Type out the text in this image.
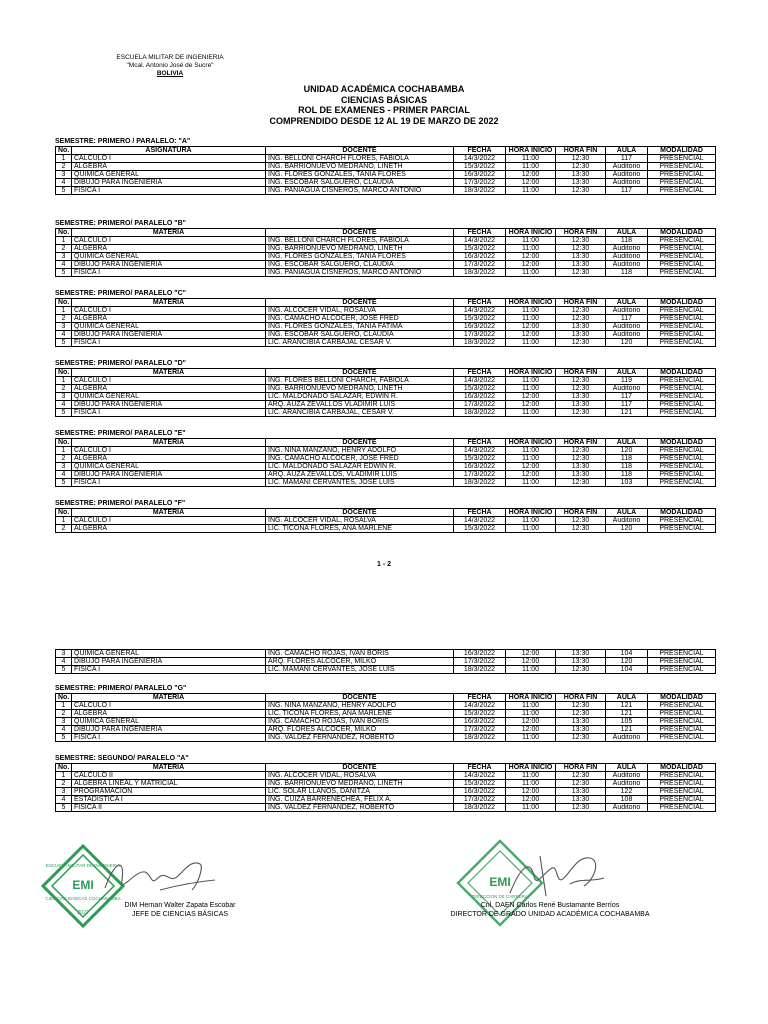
ESCUELA MILITAR DE INGENIERIA
"Mcal. Antonio José de Sucre"
BOLIVIA
UNIDAD ACADÉMICA COCHABAMBA
CIENCIAS BÁSICAS
ROL DE EXAMENES - PRIMER PARCIAL
COMPRENDIDO DESDE 12 AL 19 DE MARZO DE 2022
SEMESTRE: PRIMERO / PARALELO: "A"
No.	ASIGNATURA	DOCENTE	FECHA	HORA INICIO	HORA FIN	AULA	MODALIDAD
1	CALCULO I	ING. BELLONI CHARCH FLORES, FABIOLA	14/3/2022	11:00	12:30	117	PRESENCIAL
2	ALGEBRA	ING. BARRIONUEVO MEDRANO, LINETH	15/3/2022	11:00	12:30	Auditorio	PRESENCIAL
3	QUIMICA GENERAL	ING. FLORES GONZALES, TANIA FLORES	16/3/2022	12:00	13:30	Auditorio	PRESENCIAL
4	DIBUJO PARA INGENIERIA	ING. ESCOBAR SALGUERO, CLAUDIA	17/3/2022	12:00	13:30	Auditorio	PRESENCIAL
5	FISICA I	ING. PANIAGUA CISNEROS, MARCO ANTONIO	18/3/2022	11:00	12:30	117	PRESENCIAL
SEMESTRE: PRIMERO/ PARALELO "B"
No.	MATERIA	DOCENTE	FECHA	HORA INICIO	HORA FIN	AULA	MODALIDAD
1	CALCULO I	ING. BELLONI CHARCH FLORES, FABIOLA	14/3/2022	11:00	12:30	118	PRESENCIAL
2	ALGEBRA	ING. BARRIONUEVO MEDRANO, LINETH	15/3/2022	11:00	12:30	Auditorio	PRESENCIAL
3	QUIMICA GENERAL	ING. FLORES GONZALES, TANIA FLORES	16/3/2022	12:00	13:30	Auditorio	PRESENCIAL
4	DIBUJO PARA INGENIERIA	ING. ESCOBAR SALGUERO, CLAUDIA	17/3/2022	12:00	13:30	Auditorio	PRESENCIAL
5	FISICA I	ING. PANIAGUA CISNEROS, MARCO ANTONIO	18/3/2022	11:00	12:30	118	PRESENCIAL
SEMESTRE: PRIMERO/ PARALELO "C"
No.	MATERIA	DOCENTE	FECHA	HORA INICIO	HORA FIN	AULA	MODALIDAD
1	CALCULO I	ING. ALCOCER VIDAL, ROSALVA	14/3/2022	11:00	12:30	Auditorio	PRESENCIAL
2	ALGEBRA	ING. CAMACHO ALCOCER, JOSE FRED	15/3/2022	11:00	12:30	117	PRESENCIAL
3	QUIMICA GENERAL	ING. FLORES GONZALES, TANIA FATIMA	16/3/2022	12:00	13:30	Auditorio	PRESENCIAL
4	DIBUJO PARA INGENIERIA	ING. ESCOBAR SALGUERO, CLAUDIA	17/3/2022	12:00	13:30	Auditorio	PRESENCIAL
5	FISICA I	LIC. ARANCIBIA CARBAJAL CESAR V.	18/3/2022	11:00	12:30	120	PRESENCIAL
SEMESTRE: PRIMERO/ PARALELO "D"
No.	MATERIA	DOCENTE	FECHA	HORA INICIO	HORA FIN	AULA	MODALIDAD
1	CALCULO I	ING. FLORES BELLONI CHARCH, FABIOLA	14/3/2022	11:00	12:30	119	PRESENCIAL
2	ALGEBRA	ING. BARRIONUEVO MEDRANO, LINETH	15/3/2022	11:00	12:30	Auditorio	PRESENCIAL
3	QUIMICA GENERAL	LIC. MALDONADO SALAZAR, EDWIN R.	16/3/2022	12:00	13:30	117	PRESENCIAL
4	DIBUJO PARA INGENIERIA	ARQ. AUZA ZEVALLOS VLADIMIR LUIS	17/3/2022	12:00	13:30	117	PRESENCIAL
5	FISICA I	LIC. ARANCIBIA CARBAJAL, CESAR V.	18/3/2022	11:00	12:30	121	PRESENCIAL
SEMESTRE: PRIMERO/ PARALELO "E"
No.	MATERIA	DOCENTE	FECHA	HORA INICIO	HORA FIN	AULA	MODALIDAD
1	CALCULO I	ING. NINA MANZANO, HENRY ADOLFO	14/3/2022	11:00	12:30	120	PRESENCIAL
2	ALGEBRA	ING. CAMACHO ALCOCER, JOSE FRED	15/3/2022	11:00	12:30	118	PRESENCIAL
3	QUIMICA GENERAL	LIC. MALDONADO SALAZAR EDWIN R.	16/3/2022	12:00	13:30	118	PRESENCIAL
4	DIBUJO PARA INGENIERIA	ARQ. AUZA ZEVALLOS, VLADIMIR LUIS	17/3/2022	12:00	13:30	118	PRESENCIAL
5	FISICA I	LIC. MAMANI CERVANTES, JOSE LUIS	18/3/2022	11:00	12:30	103	PRESENCIAL
SEMESTRE: PRIMERO/ PARALELO "F"
No.	MATERIA	DOCENTE	FECHA	HORA INICIO	HORA FIN	AULA	MODALIDAD
1	CALCULO I	ING. ALCOCER VIDAL, ROSALVA	14/3/2022	11:00	12:30	Auditorio	PRESENCIAL
2	ALGEBRA	LIC. TICONA FLORES, ANA MARLENE	15/3/2022	11:00	12:30	120	PRESENCIAL
1 - 2
3	QUIMICA GENERAL	ING. CAMACHO ROJAS, IVAN BORIS	16/3/2022	12:00	13:30	104	PRESENCIAL
4	DIBUJO PARA INGENIERIA	ARQ. FLORES ALCOCER, MILKO	17/3/2022	12:00	13:30	120	PRESENCIAL
5	FISICA I	LIC. MAMANI CERVANTES, JOSE LUIS	18/3/2022	11:00	12:30	104	PRESENCIAL
SEMESTRE: PRIMERO/ PARALELO "G"
No.	MATERIA	DOCENTE	FECHA	HORA INICIO	HORA FIN	AULA	MODALIDAD
1	CALCULO I	ING. NINA MANZANO, HENRY ADOLFO	14/3/2022	11:00	12:30	121	PRESENCIAL
2	ALGEBRA	LIC. TICONA FLORES, ANA MARLENE	15/3/2022	11:00	12:30	121	PRESENCIAL
3	QUIMICA GENERAL	ING. CAMACHO ROJAS, IVAN BORIS	16/3/2022	12:00	13:30	105	PRESENCIAL
4	DIBUJO PARA INGENIERIA	ARQ. FLORES ALCOCER, MILKO	17/3/2022	12:00	13:30	121	PRESENCIAL
5	FISICA I	ING. VALDEZ FERNANDEZ, ROBERTO	18/3/2022	11:00	12:30	Auditorio	PRESENCIAL
SEMESTRE: SEGUNDO/ PARALELO "A"
No.	MATERIA	DOCENTE	FECHA	HORA INICIO	HORA FIN	AULA	MODALIDAD
1	CALCULO II	ING. ALCOCER VIDAL, ROSALVA	14/3/2022	11:00	12:30	Auditorio	PRESENCIAL
2	ALGEBRA LINEAL Y MATRICIAL	ING. BARRIONUEVO MEDRANO, LINETH	15/3/2022	11:00	12:30	Auditorio	PRESENCIAL
3	PROGRAMACION	LIC. SOLAR LLANOS, DANITZA	16/3/2022	12:00	13:30	122	PRESENCIAL
4	ESTADISTICA I	ING. CUIZA BARRENECHEA, FELIX A.	17/3/2022	12:00	13:30	108	PRESENCIAL
5	FISICA II	ING. VALDEZ FERNANDEZ, ROBERTO	18/3/2022	11:00	12:30	Auditorio	PRESENCIAL
EMI
CIENCIAS BASICAS COCHABAMBA
2022
ESCUELA MILITAR DE INGENIERIA
DIM Hernan Walter Zapata Escobar
JEFE DE CIENCIAS BÁSICAS
EMI
DIRECCION DE CARRERA
Cnl. DAEN Carlos René Bustamante Berríos
DIRECTOR DE GRADO UNIDAD ACADÉMICA COCHABAMBA
